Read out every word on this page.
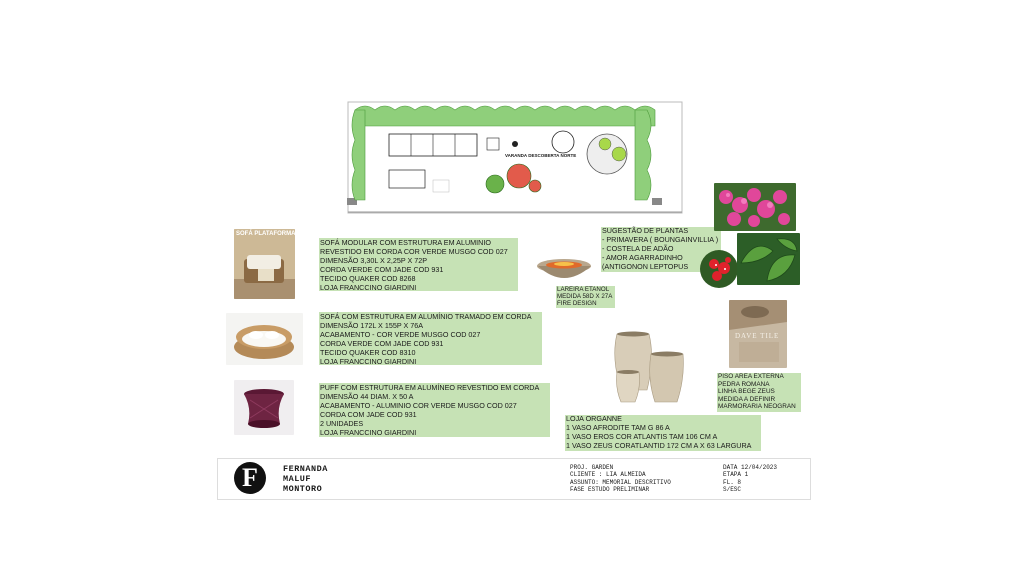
VARANDA DESCOBERTA NORTE
SOFÁ PLATAFORMA
SOFÁ MODULAR COM ESTRUTURA EM ALUMINIO
REVESTIDO EM CORDA COR VERDE MUSGO COD 027
DIMENSÃO 3,30L X 2,25P X 72P
CORDA VERDE COM JADE COD 931
TECIDO QUAKER COD 8268
LOJA FRANCCINO GIARDINI	LAREIRA ETANOL
MEDIDA 58D X 27A
FIRE DESIGN
SUGESTÃO DE PLANTAS
- PRIMAVERA ( BOUNGAINVILLIA )
- COSTELA DE ADÃO
- AMOR AGARRADINHO
(ANTIGONON LEPTOPUS
SOFÁ COM ESTRUTURA EM ALUMÍNIO TRAMADO EM CORDA
DIMENSÃO 172L X 155P X 76A
ACABAMENTO - COR VERDE MUSGO COD 027
CORDA VERDE COM JADE COD 931
TECIDO QUAKER COD 8310
LOJA FRANCCINO GIARDINI
DAVE TILE
PISO AREA EXTERNA
PEDRA ROMANA
LINHA BEGE ZEUS
MEDIDA A DEFINIR
MARMORARIA NEOGRAN
PUFF COM ESTRUTURA EM ALUMÍNEO REVESTIDO EM CORDA
DIMENSÃO 44 DIAM. X 50 A
ACABAMENTO - ALUMINIO COR VERDE MUSGO COD 027
CORDA COM JADE COD 931
2 UNIDADES
LOJA FRANCCINO GIARDINI
LOJA ORGANNE
1 VASO AFRODITE TAM G 86 A
1 VASO EROS COR ATLANTIS TAM 106 CM A
1 VASO ZEUS CORATLANTID 172 CM A X 63 LARGURA
F	FERNANDA
MALUF
MONTORO
PROJ. GARDEN
CLIENTE : LIA ALMEIDA
ASSUNTO: MEMORIAL DESCRITIVO
FASE ESTUDO PRELIMINAR
DATA 12/04/2023
ETAPA 1
FL. 8
S/ESC
